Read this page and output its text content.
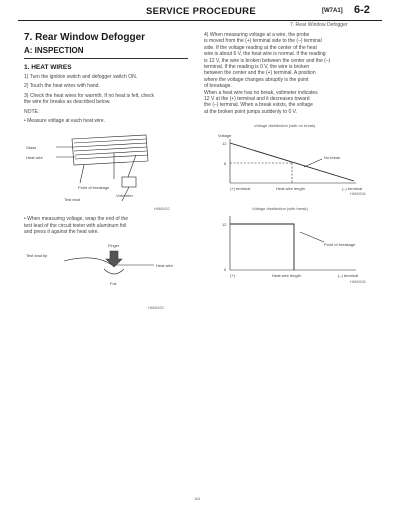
SERVICE PROCEDURE	[W7A1] 6-2
7. Rear Window Defogger
7. Rear Window Defogger
A: INSPECTION
1. HEAT WIRES
1) Turn the ignition switch and defogger switch ON.
2) Touch the heat wires with hand.
3) Check the heat wires for warmth. If no heat is felt, check
the wire for breaks as described below.
NOTE:
• Measure voltage at each heat wire.
Glass
Heat wire
Point of breakage
Voltmeter
Test lead
H6M0432
• When measuring voltage, wrap the end of the
test lead of the circuit tester with aluminum foil
and press it against the heat wire.
Test lead tip
Finger
Heat wire
Foil
H6M0433
4) When measuring voltage at a wire, the probe
is moved from the (+) terminal side to the (–) terminal
side. If the voltage reading at the center of the heat
wire is about 6 V, the heat wire is normal. If the reading
is 12 V, the wire is broken between the center and the (–)
terminal. If the reading is 0 V, the wire is broken
between the center and the (+) terminal. A position
where the voltage changes abruptly is the point
of breakage.
When a heat wire has no break, voltmeter indicates
12 V at the (+) terminal and it decreases toward
the (–) terminal. When a break exists, the voltage
at the broken point jumps suddenly to 0 V.
Voltage distribution (with no break)
Voltage
12
6
No break
(+) terminal	Heat wire length	(–) terminal
H6M0434

Voltage distribution (with break)
12
0
Point of breakage
(+)	Heat wire length	(–) terminal
H6M0435
181
